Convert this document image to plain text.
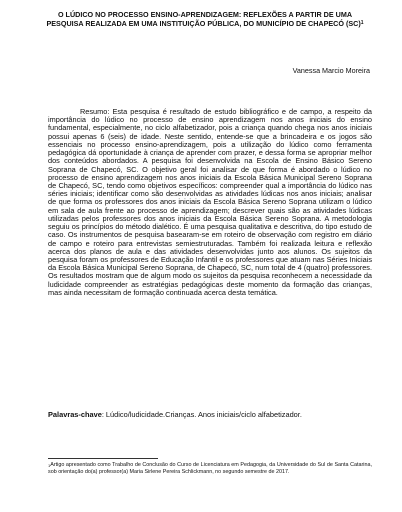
O LÚDICO NO PROCESSO ENSINO-APRENDIZAGEM: REFLEXÕES A PARTIR DE UMA PESQUISA REALIZADA EM UMA INSTITUIÇÃO PÚBLICA, DO MUNICÍPIO DE CHAPECÓ (SC)$^1$
Vanessa Marcio Moreira

Resumo: Esta pesquisa é resultado de estudo bibliográfico e de campo, a respeito da importância do lúdico no processo de ensino aprendizagem nos anos iniciais do ensino fundamental, especialmente, no ciclo alfabetizador, pois a criança quando chega nos anos iniciais possui apenas 6 (seis) de idade. Neste sentido, entende-se que a brincadeira e os jogos são essenciais no processo ensino-aprendizagem, pois a utilização do lúdico como ferramenta pedagógica dá oportunidade à criança de aprender com prazer, e dessa forma se apropriar melhor dos conteúdos abordados. A pesquisa foi desenvolvida na Escola de Ensino Básico Sereno Soprana de Chapecó, SC. O objetivo geral foi analisar de que forma é abordado o lúdico no processo de ensino aprendizagem nos anos iniciais da Escola Básica Municipal Sereno Soprana de Chapecó, SC, tendo como objetivos específicos: compreender qual a importância do lúdico nas séries iniciais; identificar como são desenvolvidas as atividades lúdicas nos anos iniciais; analisar de que forma os professores dos anos iniciais da Escola Básica Sereno Soprana utilizam o lúdico em sala de aula frente ao processo de aprendizagem; descrever quais são as atividades lúdicas utilizadas pelos professores dos anos iniciais da Escola Básica Sereno Soprana. A metodologia seguiu os princípios do método dialético. É uma pesquisa qualitativa e descritiva, do tipo estudo de caso. Os instrumentos de pesquisa basearam-se em roteiro de observação com registro em diário de campo e roteiro para entrevistas semiestruturadas. Também foi realizada leitura e reflexão acerca dos planos de aula e das atividades desenvolvidas junto aos alunos. Os sujeitos da pesquisa foram os professores de Educação Infantil e os professores que atuam nas Séries Iniciais da Escola Básica Municipal Sereno Soprana, de Chapecó, SC, num total de 4 (quatro) professores. Os resultados mostram que de algum modo os sujeitos da pesquisa reconhecem a necessidade da ludicidade compreender as estratégias pedagógicas deste momento da formação das crianças, mas ainda necessitam de formação continuada acerca desta temática.

Palavras-chave: Lúdico/ludicidade.Crianças. Anos iniciais/ciclo alfabetizador.

$^1$Artigo apresentado como Trabalho de Conclusão do Curso de Licenciatura em Pedagogia, da Universidade do Sul de Santa Catarina, sob orientação do(a) professor(a) Maria Sirlene Pereira Schlickmann, no segundo semestre de 2017.
